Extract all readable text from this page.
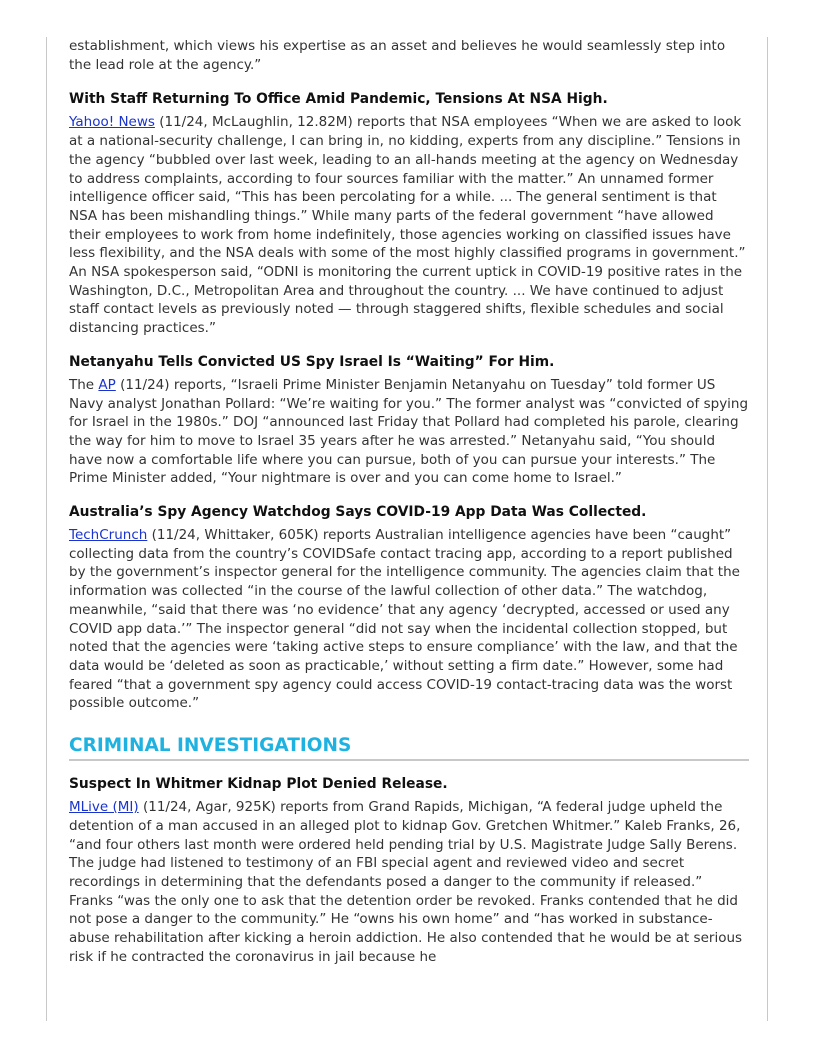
establishment, which views his expertise as an asset and believes he would seamlessly step into the lead role at the agency.”

With Staff Returning To Office Amid Pandemic, Tensions At NSA High.

Yahoo! News (11/24, McLaughlin, 12.82M) reports that NSA employees “When we are asked to look at a national-security challenge, I can bring in, no kidding, experts from any discipline.” Tensions in the agency “bubbled over last week, leading to an all-hands meeting at the agency on Wednesday to address complaints, according to four sources familiar with the matter.” An unnamed former intelligence officer said, “This has been percolating for a while. ... The general sentiment is that NSA has been mishandling things.” While many parts of the federal government “have allowed their employees to work from home indefinitely, those agencies working on classified issues have less flexibility, and the NSA deals with some of the most highly classified programs in government.” An NSA spokesperson said, “ODNI is monitoring the current uptick in COVID-19 positive rates in the Washington, D.C., Metropolitan Area and throughout the country. ... We have continued to adjust staff contact levels as previously noted — through staggered shifts, flexible schedules and social distancing practices.”

Netanyahu Tells Convicted US Spy Israel Is “Waiting” For Him.

The AP (11/24) reports, “Israeli Prime Minister Benjamin Netanyahu on Tuesday” told former US Navy analyst Jonathan Pollard: “We’re waiting for you.” The former analyst was “convicted of spying for Israel in the 1980s.” DOJ “announced last Friday that Pollard had completed his parole, clearing the way for him to move to Israel 35 years after he was arrested.” Netanyahu said, “You should have now a comfortable life where you can pursue, both of you can pursue your interests.” The Prime Minister added, “Your nightmare is over and you can come home to Israel.”

Australia’s Spy Agency Watchdog Says COVID-19 App Data Was Collected.

TechCrunch (11/24, Whittaker, 605K) reports Australian intelligence agencies have been “caught” collecting data from the country’s COVIDSafe contact tracing app, according to a report published by the government’s inspector general for the intelligence community. The agencies claim that the information was collected “in the course of the lawful collection of other data.” The watchdog, meanwhile, “said that there was ‘no evidence’ that any agency ‘decrypted, accessed or used any COVID app data.’” The inspector general “did not say when the incidental collection stopped, but noted that the agencies were ‘taking active steps to ensure compliance’ with the law, and that the data would be ‘deleted as soon as practicable,’ without setting a firm date.” However, some had feared “that a government spy agency could access COVID-19 contact-tracing data was the worst possible outcome.”

CRIMINAL INVESTIGATIONS
Suspect In Whitmer Kidnap Plot Denied Release.

MLive (MI) (11/24, Agar, 925K) reports from Grand Rapids, Michigan, “A federal judge upheld the detention of a man accused in an alleged plot to kidnap Gov. Gretchen Whitmer.” Kaleb Franks, 26, “and four others last month were ordered held pending trial by U.S. Magistrate Judge Sally Berens. The judge had listened to testimony of an FBI special agent and reviewed video and secret recordings in determining that the defendants posed a danger to the community if released.” Franks “was the only one to ask that the detention order be revoked. Franks contended that he did not pose a danger to the community.” He “owns his own home” and “has worked in substance-abuse rehabilitation after kicking a heroin addiction. He also contended that he would be at serious risk if he contracted the coronavirus in jail because he
